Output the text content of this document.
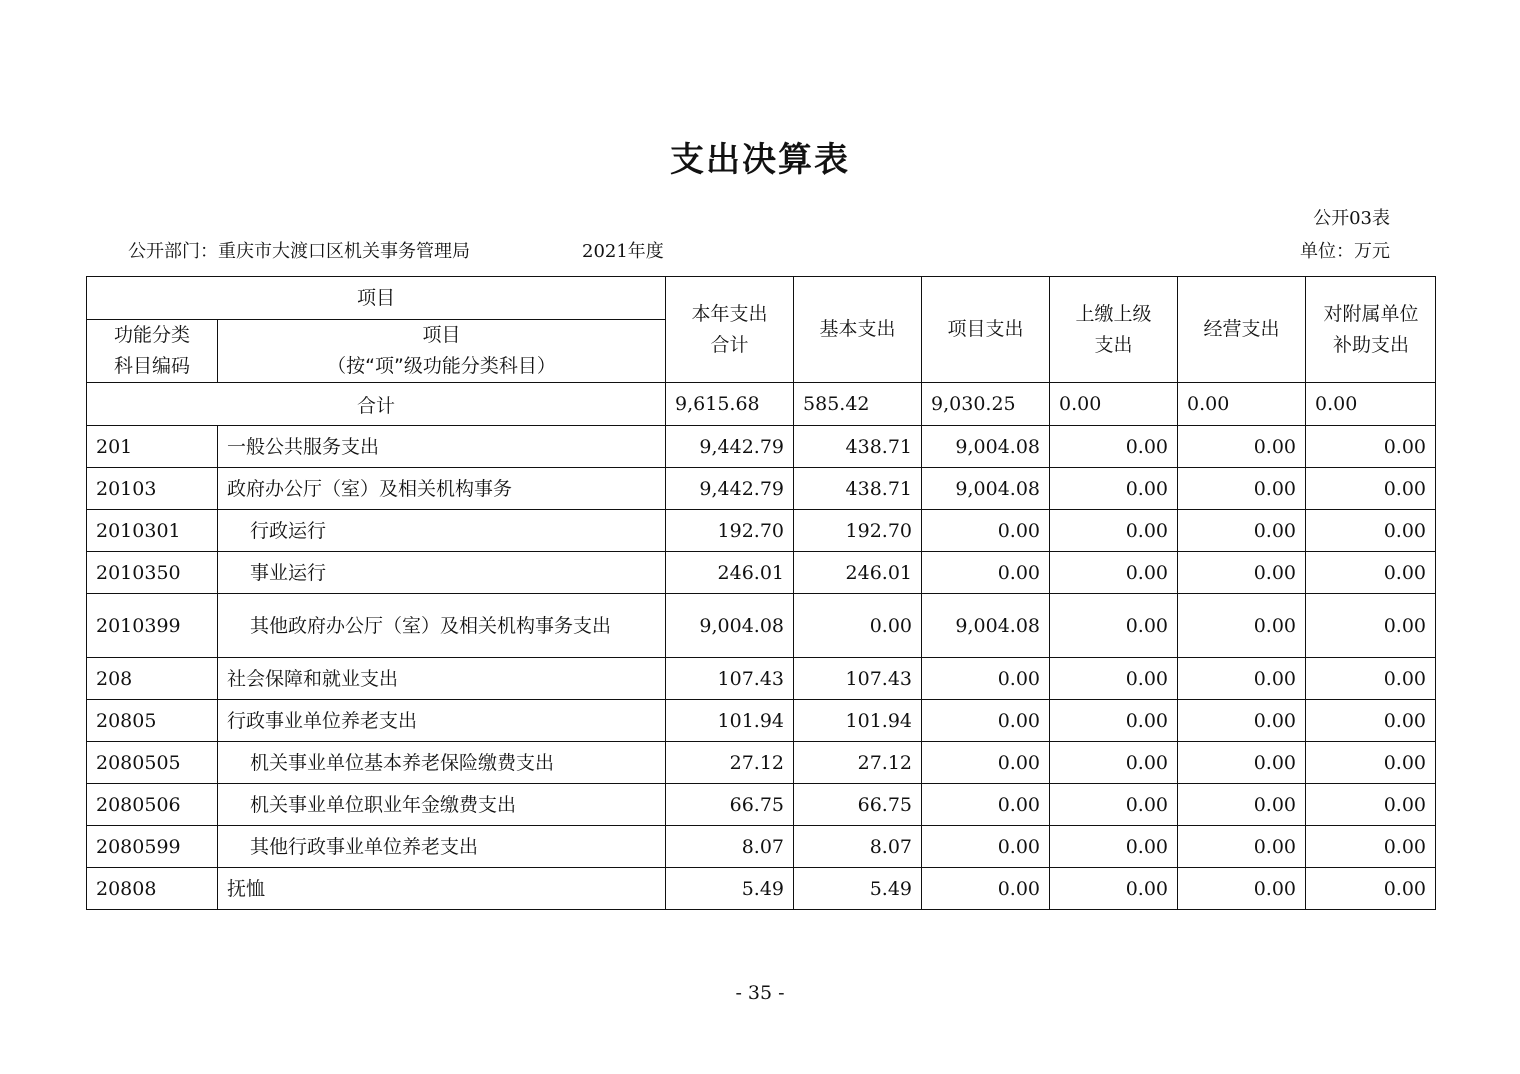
支出决算表
公开03表
公开部门：重庆市大渡口区机关事务管理局	2021年度	单位：万元
项目		本年支出合计	基本支出	项目支出	上缴上级支出	经营支出	对附属单位补助支出

功能分类科目编码	项目
（按“项”级功能分类科目）						

合计		9,615.68	585.42	9,030.25	0.00	0.00	0.00
201	一般公共服务支出	9,442.79	438.71	9,004.08	0.00	0.00	0.00
20103	政府办公厅（室）及相关机构事务	9,442.79	438.71	9,004.08	0.00	0.00	0.00
2010301	行政运行	192.70	192.70	0.00	0.00	0.00	0.00
2010350	事业运行	246.01	246.01	0.00	0.00	0.00	0.00
2010399	其他政府办公厅（室）及相关机构事务支出	9,004.08	0.00	9,004.08	0.00	0.00	0.00
208	社会保障和就业支出	107.43	107.43	0.00	0.00	0.00	0.00
20805	行政事业单位养老支出	101.94	101.94	0.00	0.00	0.00	0.00
2080505	机关事业单位基本养老保险缴费支出	27.12	27.12	0.00	0.00	0.00	0.00
2080506	机关事业单位职业年金缴费支出	66.75	66.75	0.00	0.00	0.00	0.00
2080599	其他行政事业单位养老支出	8.07	8.07	0.00	0.00	0.00	0.00
20808	抚恤	5.49	5.49	0.00	0.00	0.00	0.00
- 35 -
